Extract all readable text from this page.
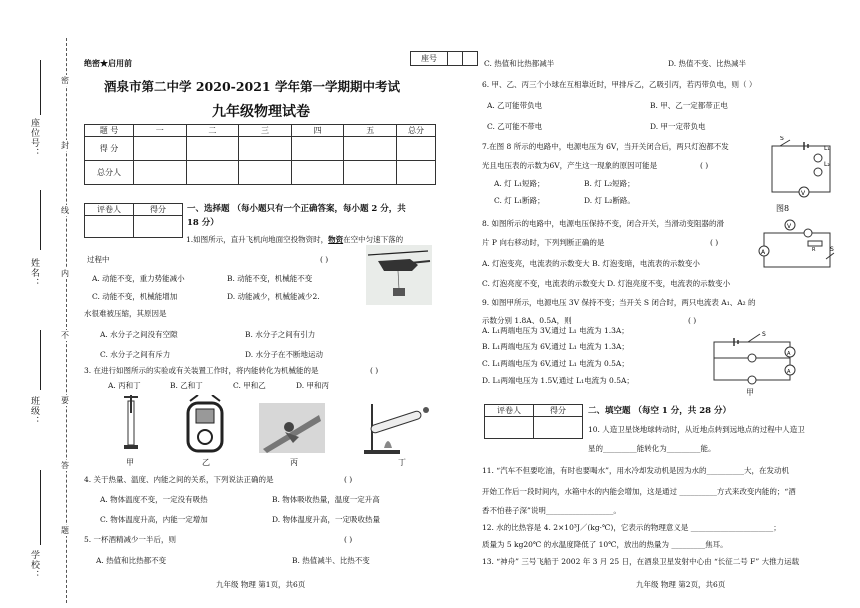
座位号：
姓名：
班级：
学校：
密
封
线
内
不
要
答
题
绝密★启用前	座号		
酒泉市第二中学 2020-2021 学年第一学期期中考试
九年级物理试卷
题 号	一	二	三	四	五	总分
得 分						
总分人						
评卷人	得分
	一、选择题 （每小题只有一个正确答案，每小题 2 分，共
18 分）
1.如图所示，直升飞机向地面空投物资时，物资在空中匀速下落的
过程中	( )
A. 动能不变，重力势能减小	B. 动能不变，机械能不变
C. 动能不变，机械能增加	D. 动能减少，机械能减少2.
水很难被压缩，其原因是
A. 水分子之间没有空隙	B. 水分子之间有引力
C. 水分子之间有斥力	D. 水分子在不断地运动
3. 在进行如图所示的实验或有关装置工作时，将内能转化为机械能的是	( )
A. 丙和丁	B. 乙和丁	C. 甲和乙	D. 甲和丙
甲	乙	丙	丁
4. 关于热量、温度、内能之间的关系，下列说法正确的是	( )
A. 物体温度不变，一定没有吸热	B. 物体吸收热量，温度一定升高
C. 物体温度升高，内能一定增加	D. 物体温度升高，一定吸收热量
5. 一杯酒精减少一半后，则	( )
A. 热值和比热都不变	B. 热值减半、比热不变
九年级 物理 第1页，共6页
C. 热值和比热都减半	D. 热值不变、比热减半
6. 甲、乙、丙三个小球在互相靠近时，甲排斥乙，乙吸引丙，若丙带负电，则（ ）
A. 乙可能带负电	B. 甲、乙一定都带正电
C. 乙可能不带电	D. 甲一定带负电
7.在图 8 所示的电路中，电源电压为 6V，当开关闭合后，两只灯泡都不发
光且电压表的示数为6V，产生这一现象的原因可能是	( )
A. 灯 L₁短路；	B. 灯 L₂短路；
C. 灯 L₁断路；	D. 灯 L₂断路。
V
S
L₁
L₂
图8
8. 如图所示的电路中，电源电压保持不变，闭合开关，当滑动变阻器的滑
片 P 向右移动时，下列判断正确的是	( )
A. 灯泡变亮，电流表的示数变大 B. 灯泡变暗，电流表的示数变小
C. 灯泡亮度不变，电流表的示数变大 D. 灯泡亮度不变，电流表的示数变小
V
R
A	S
9. 如图甲所示，电源电压 3V 保持不变；当开关 S 闭合时，两只电流表 A₁、A₂ 的
示数分别 1.8A、0.5A，则	( )
A. L₁两端电压为 3V,通过 L₁ 电流为 1.3A；
B. L₁两端电压为 6V,通过 L₁ 电流为 1.3A；
C. L₁两端电压为 6V,通过 L₁ 电流为 0.5A；
D. L₁两端电压为 1.5V,通过 L₁电流为 0.5A；
S
A
A
甲
评卷人	得分
		二、填空题 （每空 1 分，共 28 分）
10. 人造卫星饶地球转动时，从近地点转到远地点的过程中人造卫
星的_________能转化为_________能。
11. “汽车不但要吃油，有时也要喝水”，用水冷却发动机是因为水的__________大，在发动机
开始工作后一段时间内，水箱中水的内能会增加，这是通过 __________方式来改变内能的；“酒
香不怕巷子深”说明__________________。
12. 水的比热容是 4. 2×10³J／(kg·℃)，它表示的物理意义是 ______________________；
质量为 5 kg20℃ 的水温度降低了 10℃，放出的热量为 _________焦耳。
13. “神舟” 三号飞船于 2002 年 3 月 25 日，在酒泉卫星发射中心由 “长征二号 F” 大推力运载
九年级 物理 第2页，共6页
